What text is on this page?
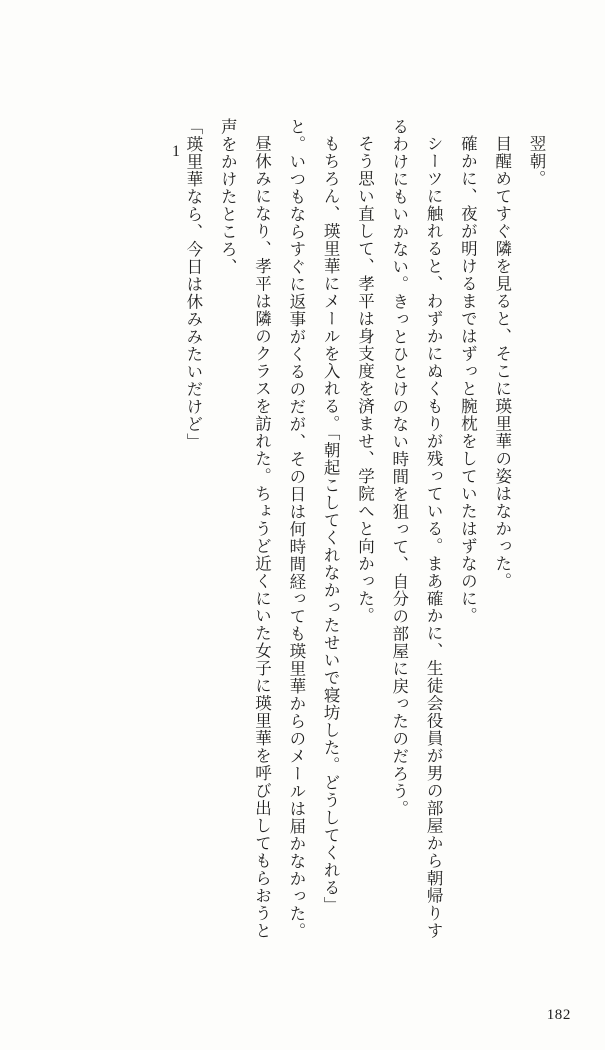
1	翌朝。

目醒めてすぐ隣を見ると、そこに瑛里華の姿はなかった。

確かに、夜が明けるまではずっと腕枕をしていたはずなのに。

シーツに触れると、わずかにぬくもりが残っている。まあ確かに、生徒会役員が男の部屋から朝帰りするわけにもいかない。きっとひとけのない時間を狙って、自分の部屋に戻ったのだろう。

そう思い直して、孝平は身支度を済ませ、学院へと向かった。

もちろん、瑛里華にメールを入れる。「朝起こしてくれなかったせいで寝坊した。どうしてくれる」と。いつもならすぐに返事がくるのだが、その日は何時間経っても瑛里華からのメールは届かなかった。

昼休みになり、孝平は隣のクラスを訪れた。ちょうど近くにいた女子に瑛里華を呼び出してもらおうと声をかけたところ、

「瑛里華なら、今日は休みみたいだけど」

182
